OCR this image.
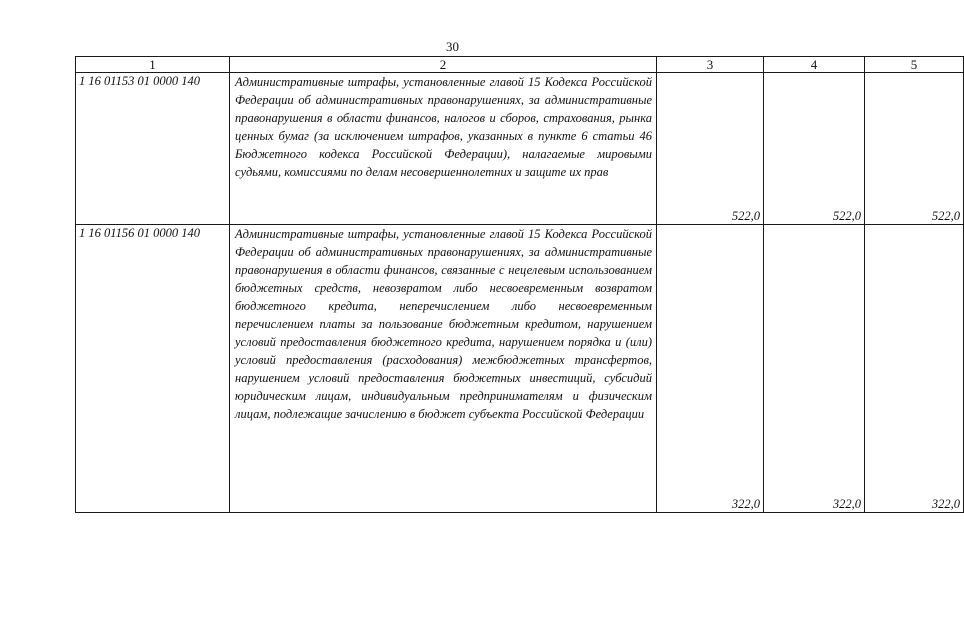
30
1	2	3	4	5
1 16 01153 01 0000 140	Административные штрафы, установленные главой 15 Кодекса Российской Федерации об административных правонарушениях, за административные правонарушения в области финансов, налогов и сборов, страхования, рынка ценных бумаг (за исключением штрафов, указанных в пункте 6 статьи 46 Бюджетного кодекса Российской Федерации), налагаемые мировыми судьями, комиссиями по делам несовершеннолетних и защите их прав	522,0	522,0	522,0

1 16 01156 01 0000 140	Административные штрафы, установленные главой 15 Кодекса Российской Федерации об административных правонарушениях, за административные правонарушения в области финансов, связанные с нецелевым использованием бюджетных средств, невозвратом либо несвоевременным возвратом бюджетного кредита, неперечислением либо несвоевременным перечислением платы за пользование бюджетным кредитом, нарушением условий предоставления бюджетного кредита, нарушением порядка и (или) условий предоставления (расходования) межбюджетных трансфертов, нарушением условий предоставления бюджетных инвестиций, субсидий юридическим лицам, индивидуальным предпринимателям и физическим лицам, подлежащие зачислению в бюджет субъекта Российской Федерации	322,0	322,0	322,0
